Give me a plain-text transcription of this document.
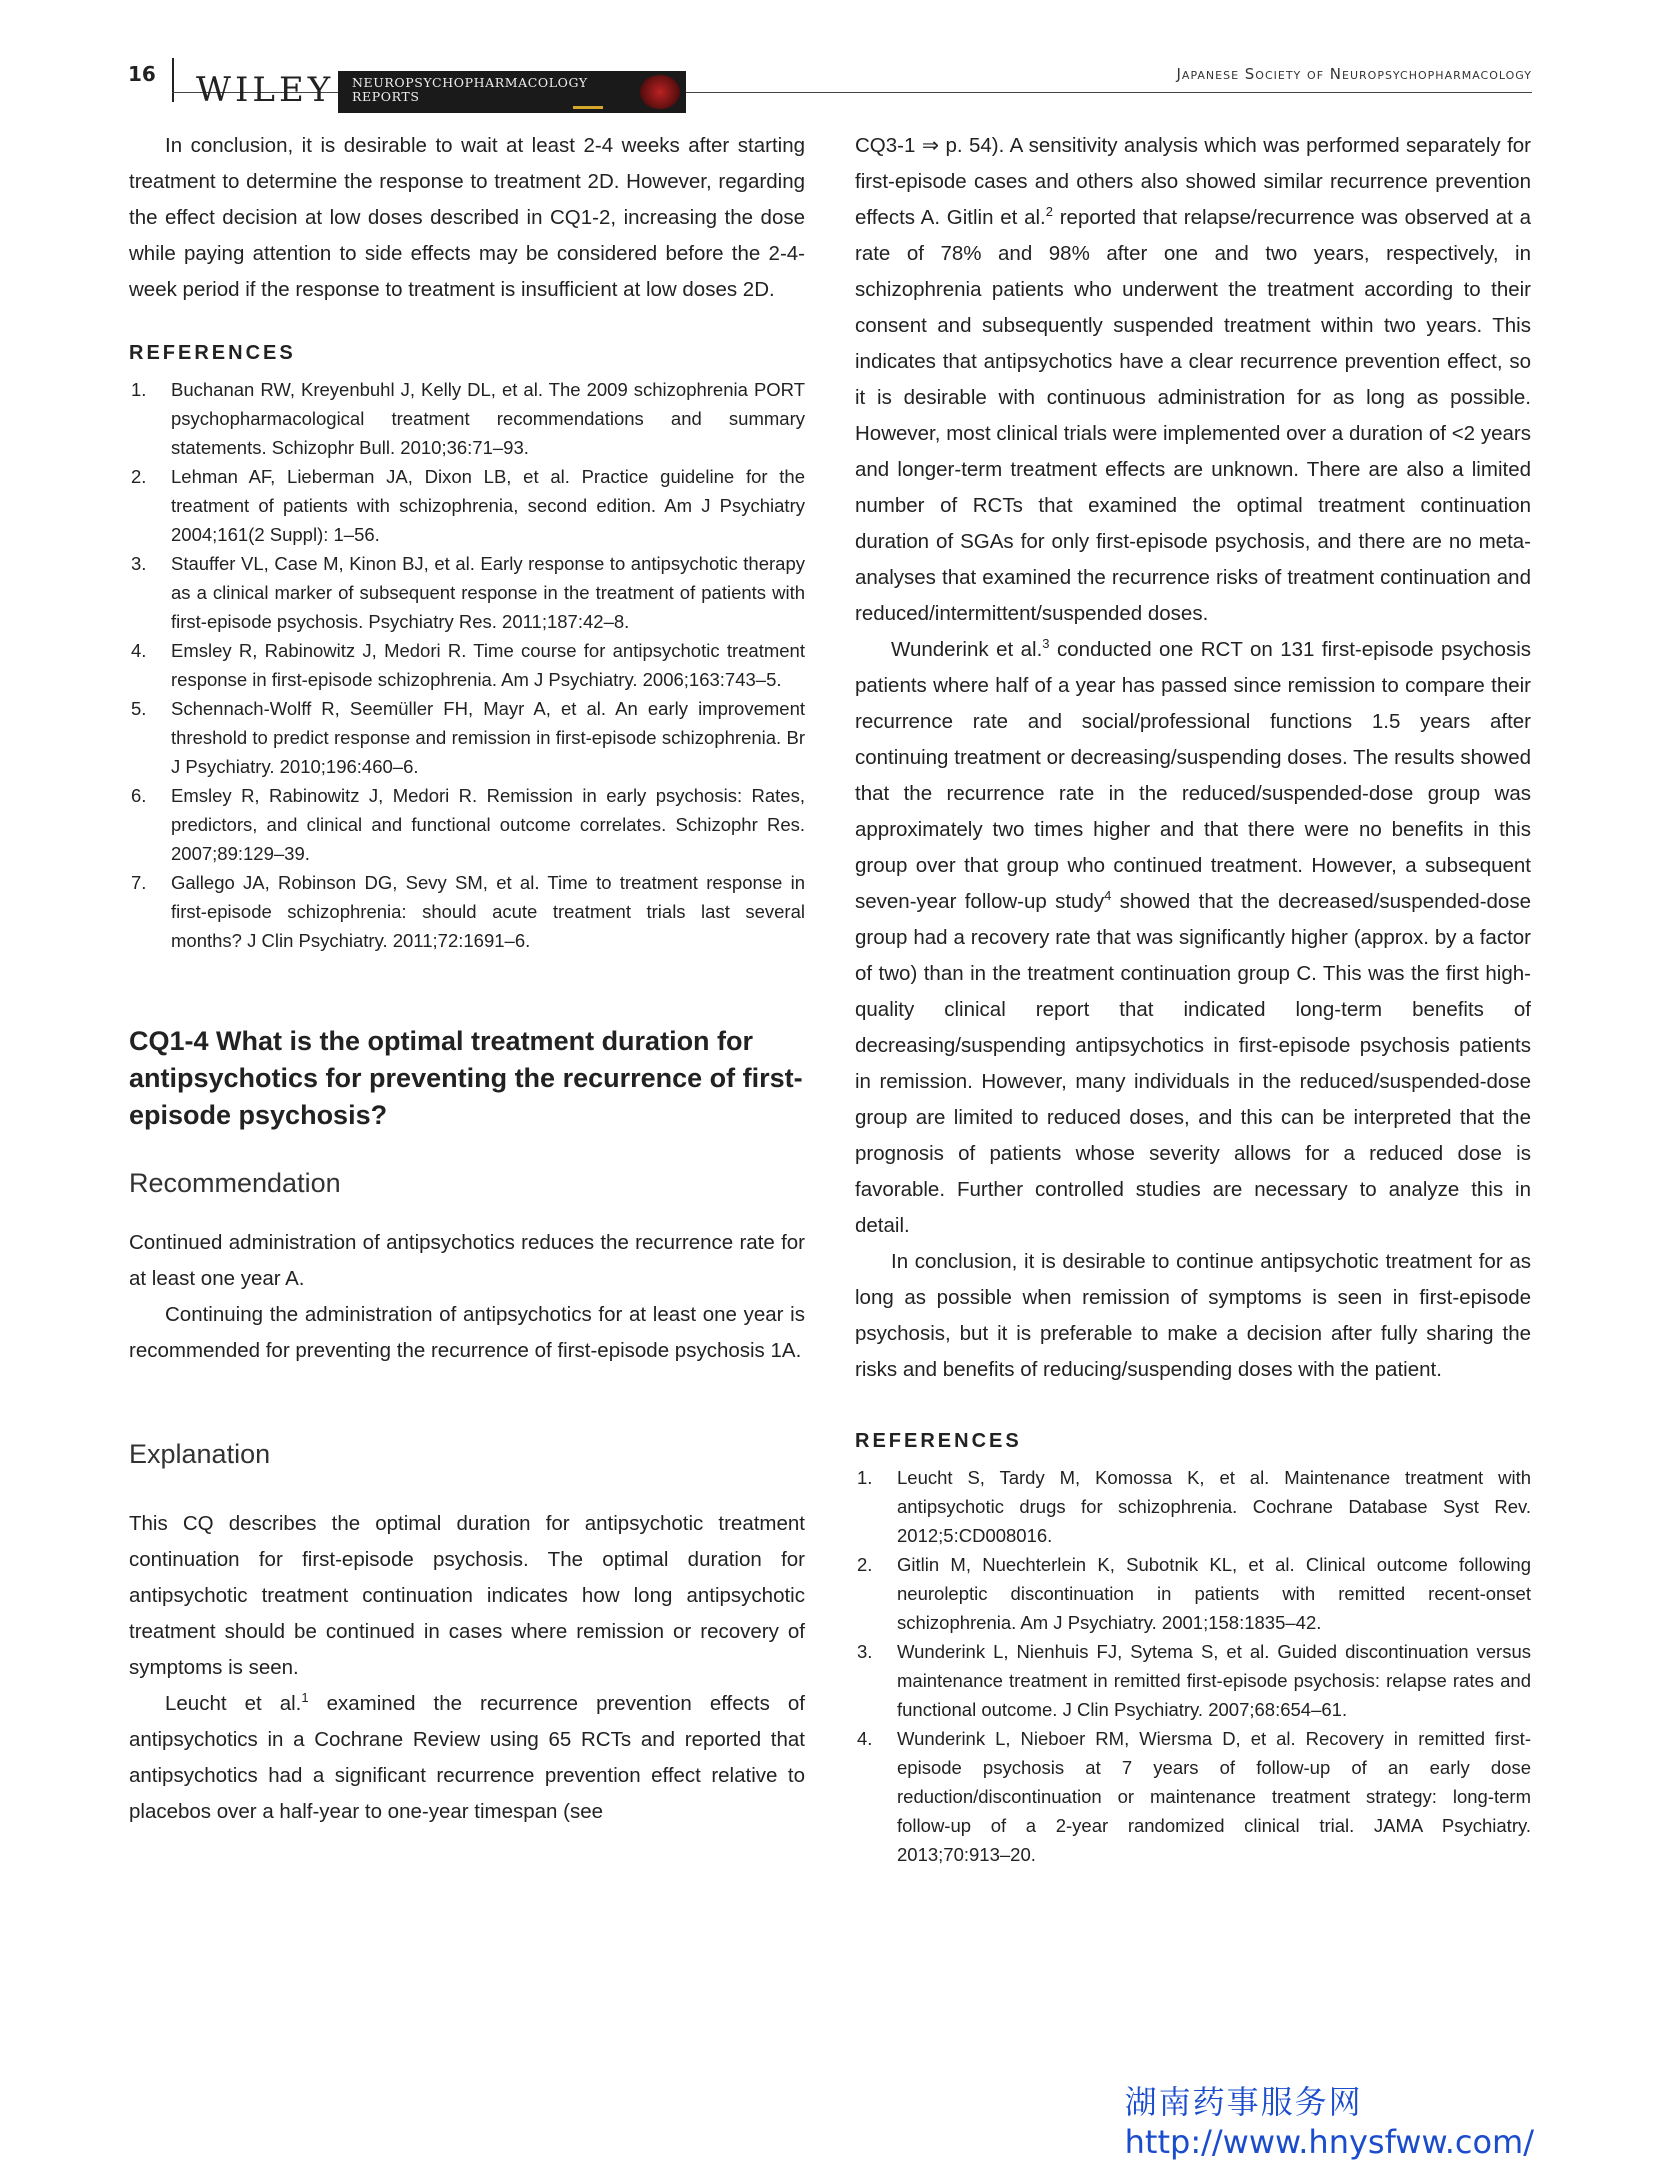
16 WILEY NEUROPSYCHOPHARMACOLOGY
REPORTS
Japanese Society of Neuropsychopharmacology

In conclusion, it is desirable to wait at least 2-4 weeks after starting treatment to determine the response to treatment 2D. However, regarding the effect decision at low doses described in CQ1-2, increasing the dose while paying attention to side effects may be considered before the 2-4-week period if the response to treatment is insufficient at low doses 2D.

REFERENCES
1. Buchanan RW, Kreyenbuhl J, Kelly DL, et al. The 2009 schizophrenia PORT psychopharmacological treatment recommendations and summary statements. Schizophr Bull. 2010;36:71–93.
2. Lehman AF, Lieberman JA, Dixon LB, et al. Practice guideline for the treatment of patients with schizophrenia, second edition. Am J Psychiatry 2004;161(2 Suppl): 1–56.
3. Stauffer VL, Case M, Kinon BJ, et al. Early response to antipsychotic therapy as a clinical marker of subsequent response in the treatment of patients with first-episode psychosis. Psychiatry Res. 2011;187:42–8.
4. Emsley R, Rabinowitz J, Medori R. Time course for antipsychotic treatment response in first-episode schizophrenia. Am J Psychiatry. 2006;163:743–5.
5. Schennach-Wolff R, Seemüller FH, Mayr A, et al. An early improvement threshold to predict response and remission in first-episode schizophrenia. Br J Psychiatry. 2010;196:460–6.
6. Emsley R, Rabinowitz J, Medori R. Remission in early psychosis: Rates, predictors, and clinical and functional outcome correlates. Schizophr Res. 2007;89:129–39.
7. Gallego JA, Robinson DG, Sevy SM, et al. Time to treatment response in first-episode schizophrenia: should acute treatment trials last several months? J Clin Psychiatry. 2011;72:1691–6.
CQ1-4 What is the optimal treatment duration for antipsychotics for preventing the recurrence of first-episode psychosis?
Recommendation

Continued administration of antipsychotics reduces the recurrence rate for at least one year A.

Continuing the administration of antipsychotics for at least one year is recommended for preventing the recurrence of first-episode psychosis 1A.

Explanation

This CQ describes the optimal duration for antipsychotic treatment continuation for first-episode psychosis. The optimal duration for antipsychotic treatment continuation indicates how long antipsychotic treatment should be continued in cases where remission or recovery of symptoms is seen.

Leucht et al.$^1$ examined the recurrence prevention effects of antipsychotics in a Cochrane Review using 65 RCTs and reported that antipsychotics had a significant recurrence prevention effect relative to placebos over a half-year to one-year timespan (see

CQ3-1 ⇒ p. 54). A sensitivity analysis which was performed separately for first-episode cases and others also showed similar recurrence prevention effects A. Gitlin et al.$^2$ reported that relapse/recurrence was observed at a rate of 78% and 98% after one and two years, respectively, in schizophrenia patients who underwent the treatment according to their consent and subsequently suspended treatment within two years. This indicates that antipsychotics have a clear recurrence prevention effect, so it is desirable with continuous administration for as long as possible. However, most clinical trials were implemented over a duration of <2 years and longer-term treatment effects are unknown. There are also a limited number of RCTs that examined the optimal treatment continuation duration of SGAs for only first-episode psychosis, and there are no meta-analyses that examined the recurrence risks of treatment continuation and reduced/intermittent/suspended doses.

Wunderink et al.$^3$ conducted one RCT on 131 first-episode psychosis patients where half of a year has passed since remission to compare their recurrence rate and social/professional functions 1.5 years after continuing treatment or decreasing/suspending doses. The results showed that the recurrence rate in the reduced/suspended-dose group was approximately two times higher and that there were no benefits in this group over that group who continued treatment. However, a subsequent seven-year follow-up study$^4$ showed that the decreased/suspended-dose group had a recovery rate that was significantly higher (approx. by a factor of two) than in the treatment continuation group C. This was the first high-quality clinical report that indicated long-term benefits of decreasing/suspending antipsychotics in first-episode psychosis patients in remission. However, many individuals in the reduced/suspended-dose group are limited to reduced doses, and this can be interpreted that the prognosis of patients whose severity allows for a reduced dose is favorable. Further controlled studies are necessary to analyze this in detail.

In conclusion, it is desirable to continue antipsychotic treatment for as long as possible when remission of symptoms is seen in first-episode psychosis, but it is preferable to make a decision after fully sharing the risks and benefits of reducing/suspending doses with the patient.

REFERENCES
1. Leucht S, Tardy M, Komossa K, et al. Maintenance treatment with antipsychotic drugs for schizophrenia. Cochrane Database Syst Rev. 2012;5:CD008016.
2. Gitlin M, Nuechterlein K, Subotnik KL, et al. Clinical outcome following neuroleptic discontinuation in patients with remitted recent-onset schizophrenia. Am J Psychiatry. 2001;158:1835–42.
3. Wunderink L, Nienhuis FJ, Sytema S, et al. Guided discontinuation versus maintenance treatment in remitted first-episode psychosis: relapse rates and functional outcome. J Clin Psychiatry. 2007;68:654–61.
4. Wunderink L, Nieboer RM, Wiersma D, et al. Recovery in remitted first-episode psychosis at 7 years of follow-up of an early dose reduction/discontinuation or maintenance treatment strategy: long-term follow-up of a 2-year randomized clinical trial. JAMA Psychiatry. 2013;70:913–20.
湖南药事服务网
http://www.hnysfww.com/
